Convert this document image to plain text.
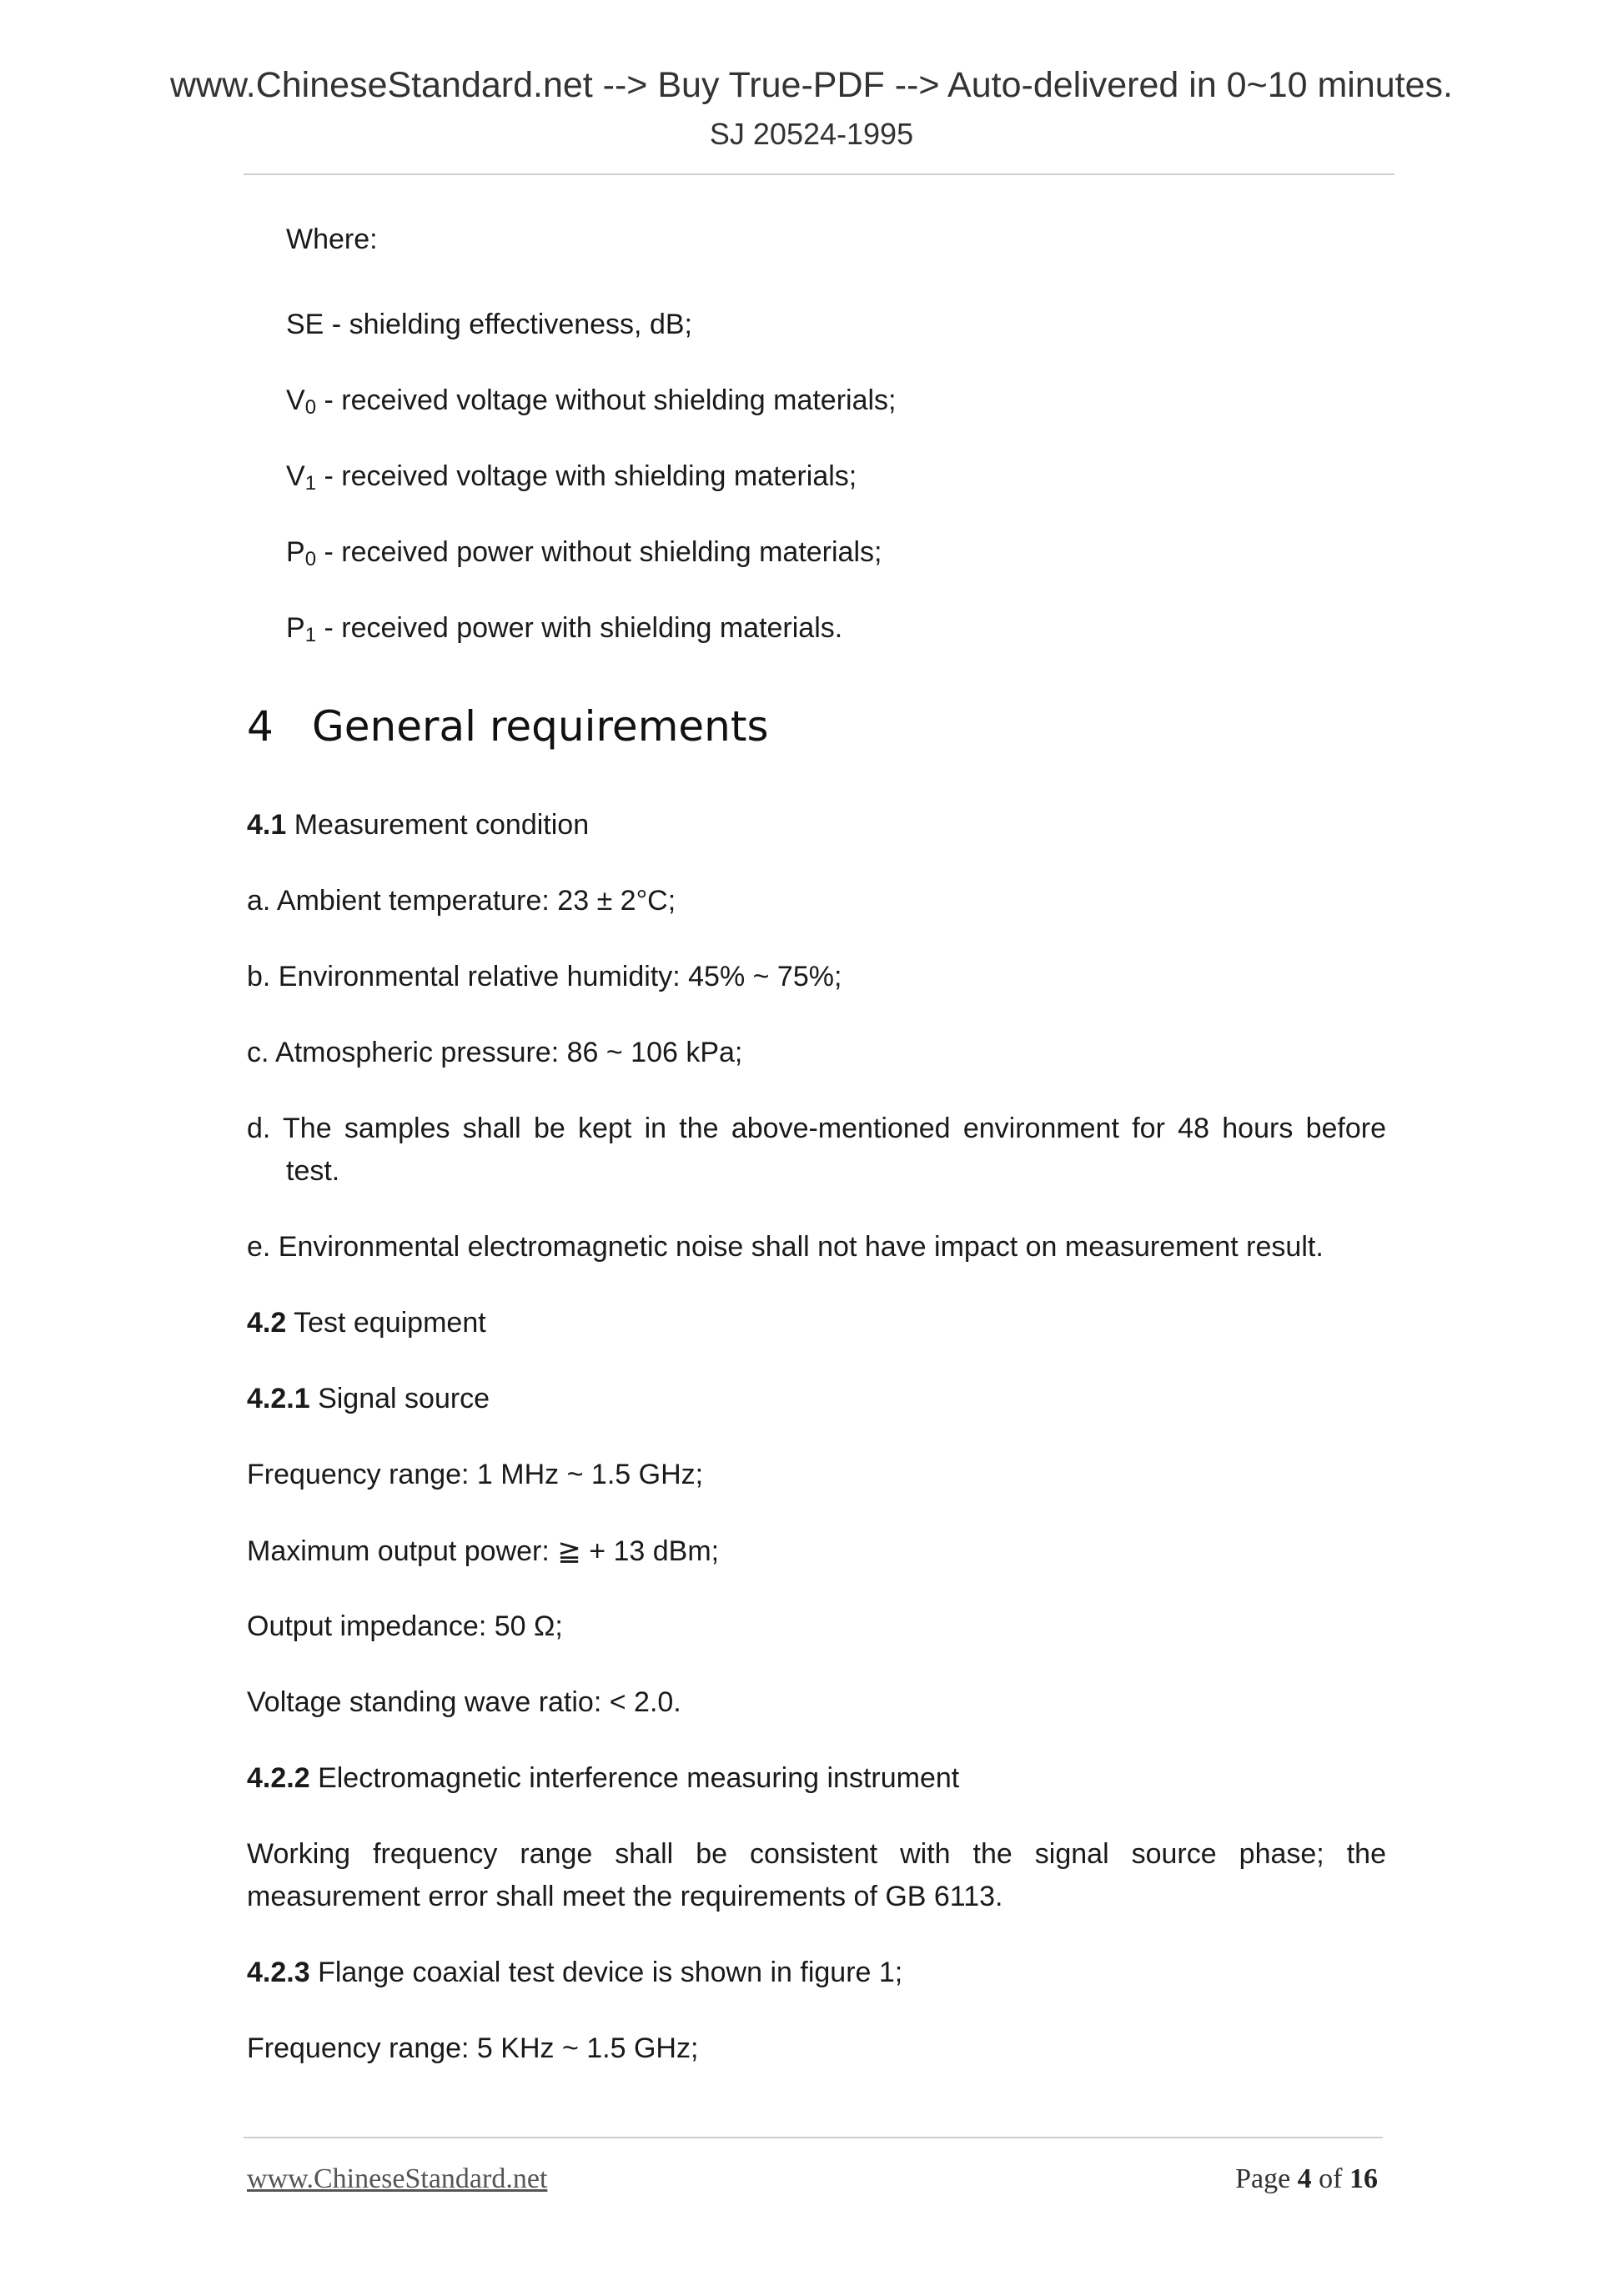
www.ChineseStandard.net --> Buy True-PDF --> Auto-delivered in 0~10 minutes.
SJ 20524-1995
Where:
SE - shielding effectiveness, dB;
$V_0$ - received voltage without shielding materials;
$V_1$ - received voltage with shielding materials;
$P_0$ - received power without shielding materials;
$P_1$ - received power with shielding materials.
4 General requirements
4.1 Measurement condition
a. Ambient temperature: 23 ± 2°C;
b. Environmental relative humidity: 45% ~ 75%;
c. Atmospheric pressure: 86 ~ 106 kPa;
d. The samples shall be kept in the above-mentioned environment for 48 hours before
test.
e. Environmental electromagnetic noise shall not have impact on measurement result.
4.2 Test equipment
4.2.1 Signal source
Frequency range: 1 MHz ~ 1.5 GHz;
Maximum output power: ≧ + 13 dBm;
Output impedance: 50 Ω;
Voltage standing wave ratio: < 2.0.
4.2.2 Electromagnetic interference measuring instrument
Working frequency range shall be consistent with the signal source phase; the
measurement error shall meet the requirements of GB 6113.
4.2.3 Flange coaxial test device is shown in figure 1;
Frequency range: 5 KHz ~ 1.5 GHz;
www.ChineseStandard.net	Page 4 of 16
